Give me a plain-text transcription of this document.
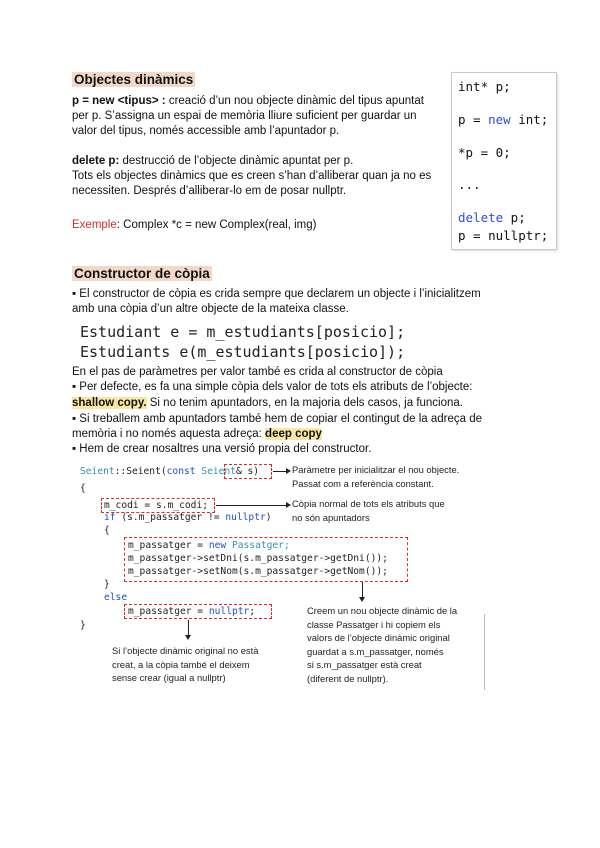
Objectes dinàmics
p = new <tipus> : creació d’un nou objecte dinàmic del tipus apuntat
per p. S’assigna un espai de memòria lliure suficient per guardar un
valor del tipus, només accessible amb l’apuntador p.
delete p: destrucció de l’objecte dinàmic apuntat per p.
Tots els objectes dinàmics que es creen s’han d’alliberar quan ja no es
necessiten. Després d’alliberar-lo em de posar nullptr.
Exemple: Complex *c = new Complex(real, img)
int* p;
p = new int;
*p = 0;
...
delete p;
p = nullptr;
Constructor de còpia
▪ El constructor de còpia es crida sempre que declarem un objecte i l’inicialitzem
amb una còpia d’un altre objecte de la mateixa classe.
Estudiant e = m_estudiants[posicio];
Estudiants e(m_estudiants[posicio]);
En el pas de paràmetres per valor també es crida al constructor de còpia
▪ Per defecte, es fa una simple còpia dels valor de tots els atributs de l’objecte:
shallow copy. Si no tenim apuntadors, en la majoria dels casos, ja funciona.
▪ Si treballem amb apuntadors també hem de copiar el contingut de la adreça de
memòria i no només aquesta adreça: deep copy
▪ Hem de crear nosaltres una versió propia del constructor.
Seient::Seient(const Seient& s)
{
m_codi = s.m_codi;
if (s.m_passatger != nullptr)
{
m_passatger = new Passatger;
m_passatger->setDni(s.m_passatger->getDni());
m_passatger->setNom(s.m_passatger->getNom());
}
else
m_passatger = nullptr;
}
Paràmetre per inicialitzar el nou objecte.
Passat com a referència constant.
Còpia normal de tots els atributs que
no són apuntadors
Creem un nou objecte dinàmic de la
classe Passatger i hi copiem els
valors de l’objecte dinàmic original
guardat a s.m_passatger, només
si s.m_passatger està creat
(diferent de nullptr).
Si l’objecte dinàmic original no està
creat, a la còpia també el deixem
sense crear (igual a nullptr)
